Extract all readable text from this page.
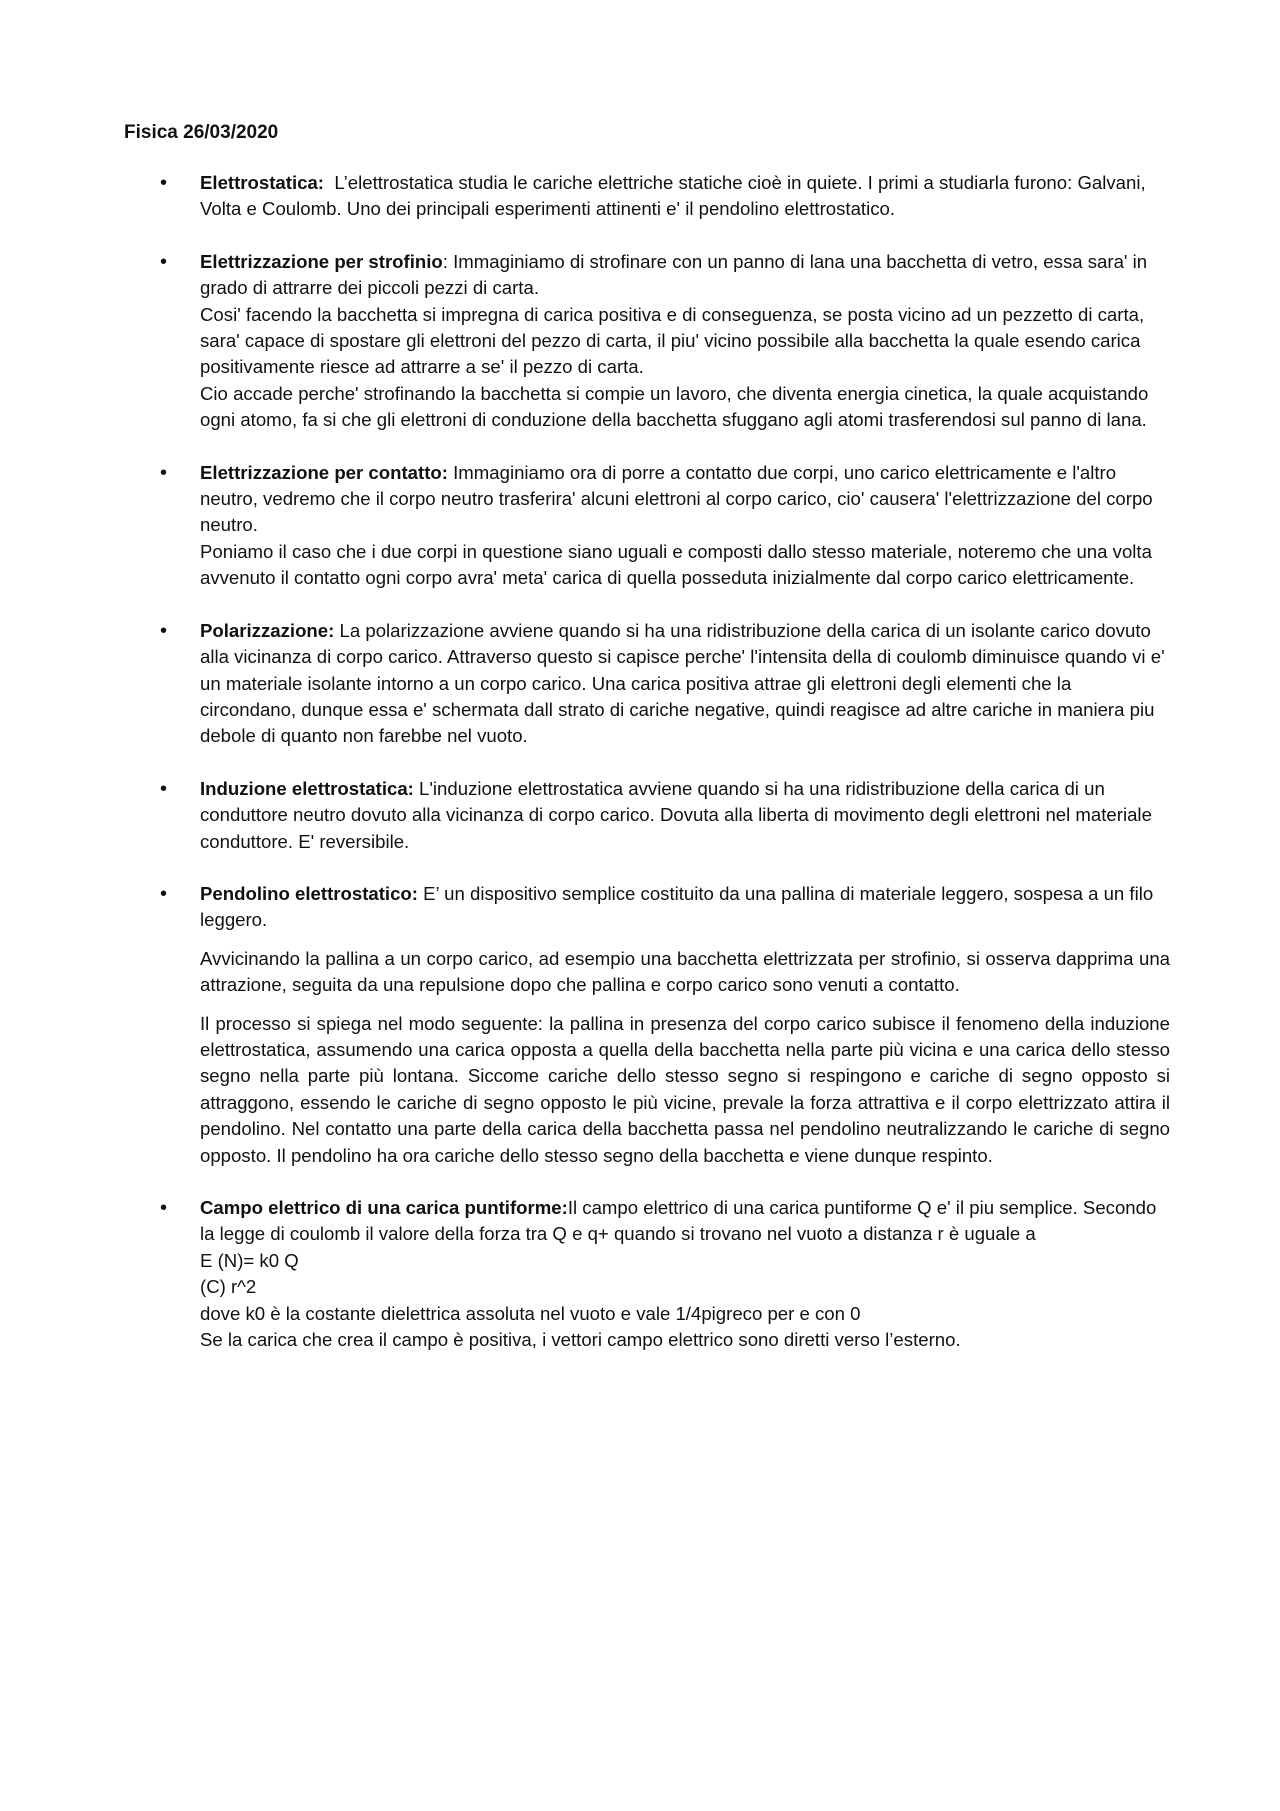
Fisica 26/03/2020
• Elettrostatica: L’elettrostatica studia le cariche elettriche statiche cioè in quiete. I primi a studiarla furono: Galvani, Volta e Coulomb. Uno dei principali esperimenti attinenti e' il pendolino elettrostatico.

• Elettrizzazione per strofinio: Immaginiamo di strofinare con un panno di lana una bacchetta di vetro, essa sara' in grado di attrarre dei piccoli pezzi di carta.

Cosi' facendo la bacchetta si impregna di carica positiva e di conseguenza, se posta vicino ad un pezzetto di carta, sara' capace di spostare gli elettroni del pezzo di carta, il piu' vicino possibile alla bacchetta la quale esendo carica positivamente riesce ad attrarre a se' il pezzo di carta.

Cio accade perche' strofinando la bacchetta si compie un lavoro, che diventa energia cinetica, la quale acquistando ogni atomo, fa si che gli elettroni di conduzione della bacchetta sfuggano agli atomi trasferendosi sul panno di lana.

• Elettrizzazione per contatto: Immaginiamo ora di porre a contatto due corpi, uno carico elettricamente e l'altro neutro, vedremo che il corpo neutro trasferira' alcuni elettroni al corpo carico, cio' causera' l'elettrizzazione del corpo neutro.

Poniamo il caso che i due corpi in questione siano uguali e composti dallo stesso materiale, noteremo che una volta avvenuto il contatto ogni corpo avra' meta' carica di quella posseduta inizialmente dal corpo carico elettricamente.

• Polarizzazione: La polarizzazione avviene quando si ha una ridistribuzione della carica di un isolante carico dovuto alla vicinanza di corpo carico. Attraverso questo si capisce perche' l'intensita della di coulomb diminuisce quando vi e' un materiale isolante intorno a un corpo carico. Una carica positiva attrae gli elettroni degli elementi che la circondano, dunque essa e' schermata dall strato di cariche negative, quindi reagisce ad altre cariche in maniera piu debole di quanto non farebbe nel vuoto.

• Induzione elettrostatica: L'induzione elettrostatica avviene quando si ha una ridistribuzione della carica di un conduttore neutro dovuto alla vicinanza di corpo carico. Dovuta alla liberta di movimento degli elettroni nel materiale conduttore. E' reversibile.

• Pendolino elettrostatico: E’ un dispositivo semplice costituito da una pallina di materiale leggero, sospesa a un filo leggero.

Avvicinando la pallina a un corpo carico, ad esempio una bacchetta elettrizzata per strofinio, si osserva dapprima una attrazione, seguita da una repulsione dopo che pallina e corpo carico sono venuti a contatto.

Il processo si spiega nel modo seguente: la pallina in presenza del corpo carico subisce il fenomeno della induzione elettrostatica, assumendo una carica opposta a quella della bacchetta nella parte più vicina e una carica dello stesso segno nella parte più lontana. Siccome cariche dello stesso segno si respingono e cariche di segno opposto si attraggono, essendo le cariche di segno opposto le più vicine, prevale la forza attrattiva e il corpo elettrizzato attira il pendolino. Nel contatto una parte della carica della bacchetta passa nel pendolino neutralizzando le cariche di segno opposto. Il pendolino ha ora cariche dello stesso segno della bacchetta e viene dunque respinto.

• Campo elettrico di una carica puntiforme:Il campo elettrico di una carica puntiforme Q e' il piu semplice. Secondo la legge di coulomb il valore della forza tra Q e q+ quando si trovano nel vuoto a distanza r è uguale a

E (N)= k0 Q

(C) r^2

dove k0 è la costante dielettrica assoluta nel vuoto e vale 1/4pigreco per e con 0

Se la carica che crea il campo è positiva, i vettori campo elettrico sono diretti verso l’esterno.
